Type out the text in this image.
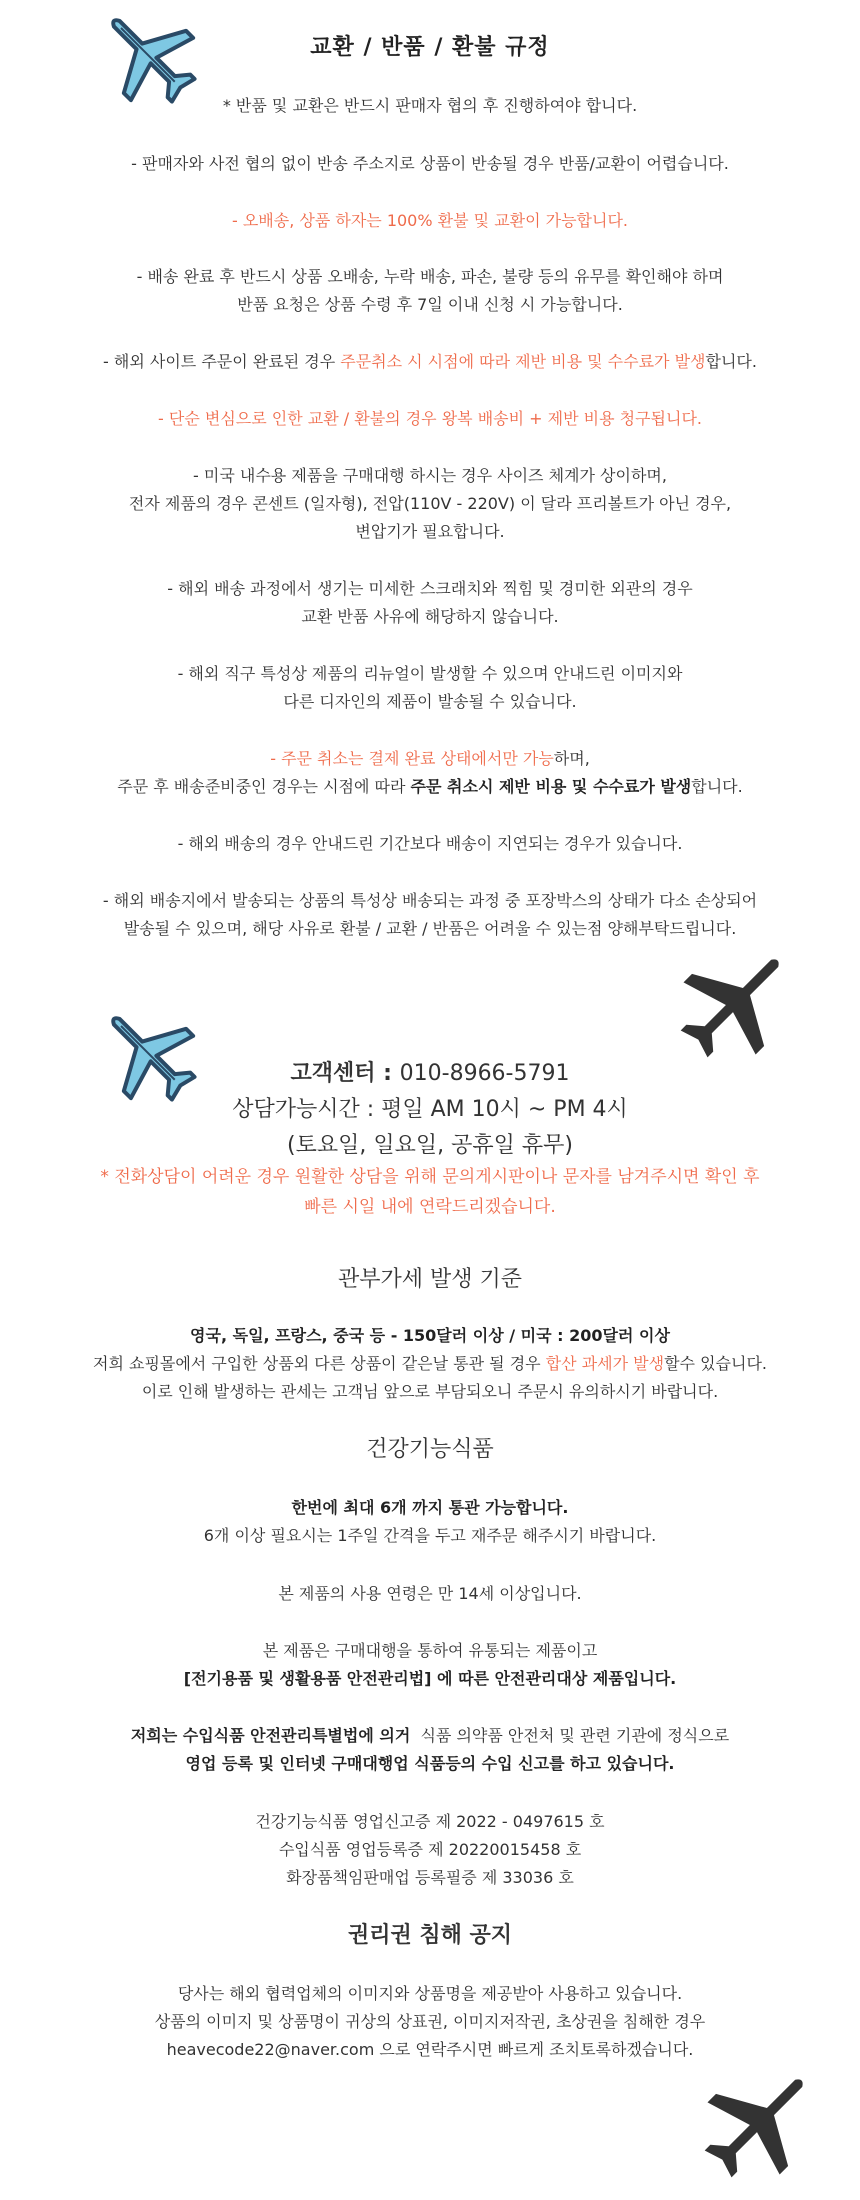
교환 / 반품 / 환불 규정
* 반품 및 교환은 반드시 판매자 협의 후 진행하여야 합니다.
- 판매자와 사전 협의 없이 반송 주소지로 상품이 반송될 경우 반품/교환이 어렵습니다.
- 오배송, 상품 하자는 100% 환불 및 교환이 가능합니다.
- 배송 완료 후 반드시 상품 오배송, 누락 배송, 파손, 불량 등의 유무를 확인해야 하며
반품 요청은 상품 수령 후 7일 이내 신청 시 가능합니다.
- 해외 사이트 주문이 완료된 경우 주문취소 시 시점에 따라 제반 비용 및 수수료가 발생합니다.
- 단순 변심으로 인한 교환 / 환불의 경우 왕복 배송비 + 제반 비용 청구됩니다.
- 미국 내수용 제품을 구매대행 하시는 경우 사이즈 체계가 상이하며,
전자 제품의 경우 콘센트 (일자형), 전압(110V - 220V) 이 달라 프리볼트가 아닌 경우,
변압기가 필요합니다.
- 해외 배송 과정에서 생기는 미세한 스크래치와 찍힘 및 경미한 외관의 경우
교환 반품 사유에 해당하지 않습니다.
- 해외 직구 특성상 제품의 리뉴얼이 발생할 수 있으며 안내드린 이미지와
다른 디자인의 제품이 발송될 수 있습니다.
- 주문 취소는 결제 완료 상태에서만 가능하며,
주문 후 배송준비중인 경우는 시점에 따라 주문 취소시 제반 비용 및 수수료가 발생합니다.
- 해외 배송의 경우 안내드린 기간보다 배송이 지연되는 경우가 있습니다.
- 해외 배송지에서 발송되는 상품의 특성상 배송되는 과정 중 포장박스의 상태가 다소 손상되어
발송될 수 있으며, 해당 사유로 환불 / 교환 / 반품은 어려울 수 있는점 양해부탁드립니다.
고객센터 : 010-8966-5791
상담가능시간 : 평일 AM 10시 ~ PM 4시
(토요일, 일요일, 공휴일 휴무)
* 전화상담이 어려운 경우 원활한 상담을 위해 문의게시판이나 문자를 남겨주시면 확인 후
빠른 시일 내에 연락드리겠습니다.
관부가세 발생 기준
영국, 독일, 프랑스, 중국 등 - 150달러 이상 / 미국 : 200달러 이상
저희 쇼핑몰에서 구입한 상품외 다른 상품이 같은날 통관 될 경우 합산 과세가 발생할수 있습니다.
이로 인해 발생하는 관세는 고객님 앞으로 부담되오니 주문시 유의하시기 바랍니다.
건강기능식품
한번에 최대 6개 까지 통관 가능합니다.
6개 이상 필요시는 1주일 간격을 두고 재주문 해주시기 바랍니다.
본 제품의 사용 연령은 만 14세 이상입니다.
본 제품은 구매대행을 통하여 유통되는 제품이고
[전기용품 및 생활용품 안전관리법] 에 따른 안전관리대상 제품입니다.
저희는 수입식품 안전관리특별법에 의거  식품 의약품 안전처 및 관련 기관에 정식으로
영업 등록 및 인터넷 구매대행업 식품등의 수입 신고를 하고 있습니다.
건강기능식품 영업신고증 제 2022 - 0497615 호
수입식품 영업등록증 제 20220015458 호
화장품책임판매업 등록필증 제 33036 호
권리권 침해 공지
당사는 해외 협력업체의 이미지와 상품명을 제공받아 사용하고 있습니다.
상품의 이미지 및 상품명이 귀상의 상표권, 이미지저작권, 초상권을 침해한 경우
heavecode22@naver.com 으로 연락주시면 빠르게 조치토록하겠습니다.
